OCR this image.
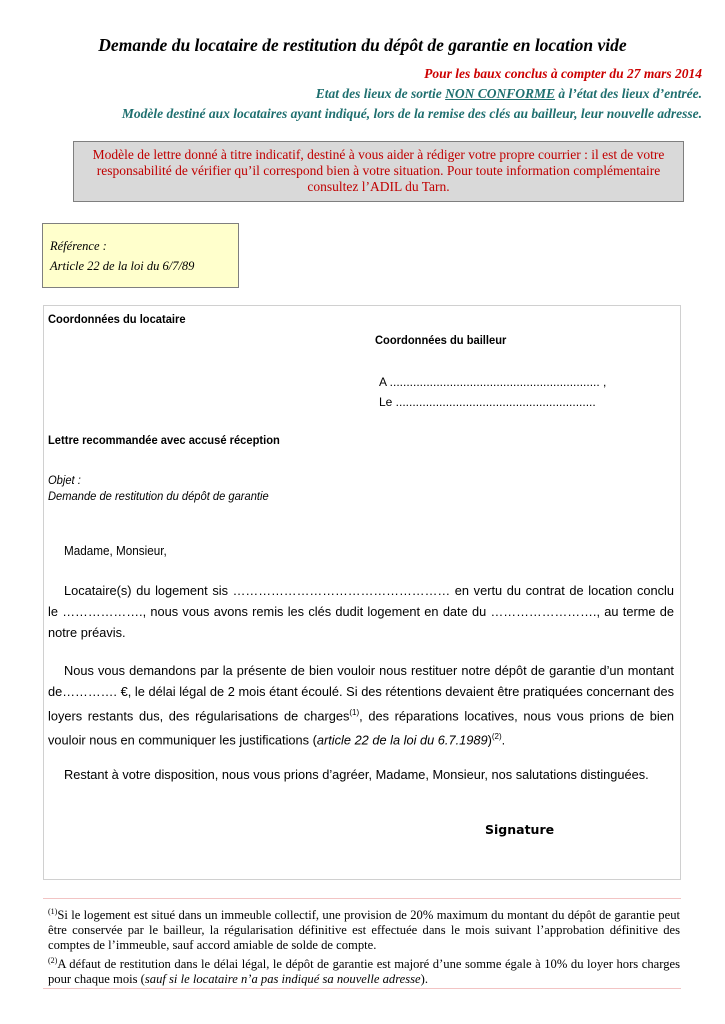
Demande du locataire de restitution du dépôt de garantie en location vide
Pour les baux conclus à compter du 27 mars 2014
Etat des lieux de sortie NON CONFORME à l’état des lieux d’entrée.
Modèle destiné aux locataires ayant indiqué, lors de la remise des clés au bailleur, leur nouvelle adresse.
Modèle de lettre donné à titre indicatif, destiné à vous aider à rédiger votre propre courrier : il est de votre responsabilité de vérifier qu’il correspond bien à votre situation. Pour toute information complémentaire consultez l’ADIL du Tarn.
Référence :
Article 22 de la loi du 6/7/89
Coordonnées du locataire
Coordonnées du bailleur
A ............................................................... ,
Le ............................................................
Lettre recommandée avec accusé réception
Objet :
Demande de restitution du dépôt de garantie
Madame, Monsieur,
Locataire(s) du logement sis …………………………………………… en vertu du contrat de location conclu le ………………., nous vous avons remis les clés dudit logement en date du ……………………., au terme de notre préavis.
Nous vous demandons par la présente de bien vouloir nous restituer notre dépôt de garantie d’un montant de…………. €, le délai légal de 2 mois étant écoulé. Si des rétentions devaient être pratiquées concernant des loyers restants dus, des régularisations de charges$^{(1)}$, des réparations locatives, nous vous prions de bien vouloir nous en communiquer les justifications (article 22 de la loi du 6.7.1989)$^{(2)}$.
Restant à votre disposition, nous vous prions d’agréer, Madame, Monsieur, nos salutations distinguées.
Signature
$^{(1)}$Si le logement est situé dans un immeuble collectif, une provision de 20% maximum du montant du dépôt de garantie peut être conservée par le bailleur, la régularisation définitive est effectuée dans le mois suivant l’approbation définitive des comptes de l’immeuble, sauf accord amiable de solde de compte.
$^{(2)}$A défaut de restitution dans le délai légal, le dépôt de garantie est majoré d’une somme égale à 10% du loyer hors charges pour chaque mois (sauf si le locataire n’a pas indiqué sa nouvelle adresse).
